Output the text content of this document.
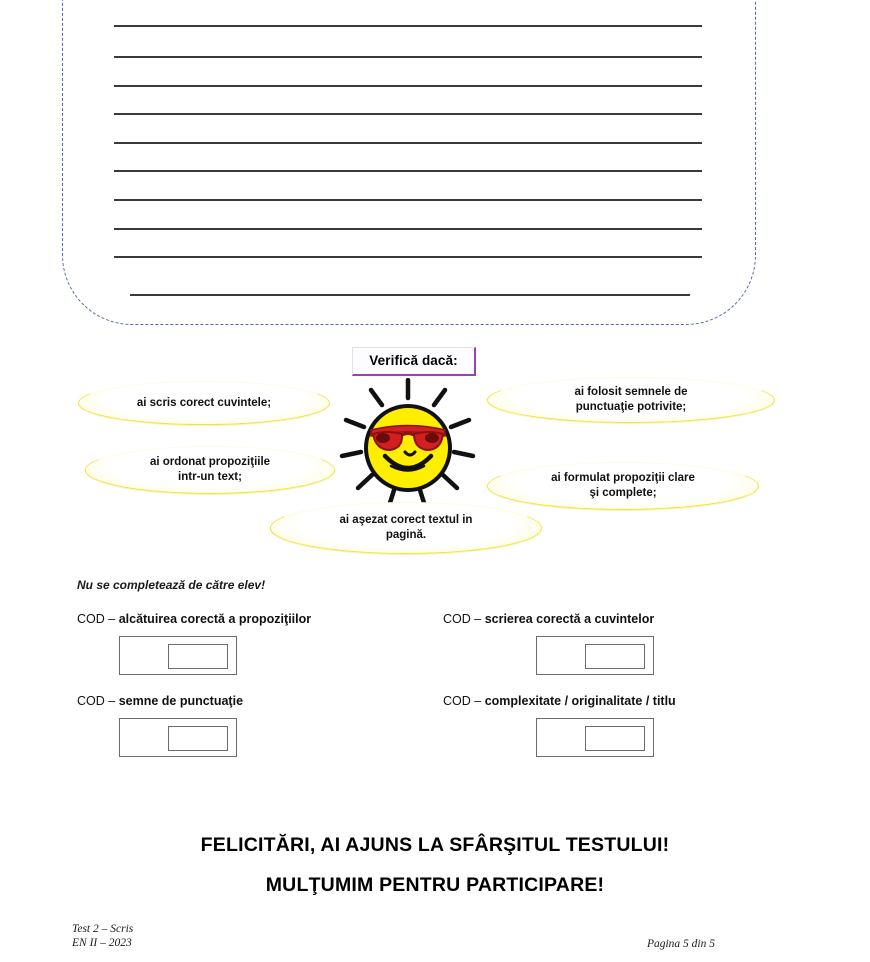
Verifică dacă:
ai scris corect cuvintele;
ai ordonat propoziţiile
intr-un text;
ai aşezat corect textul in
pagină.
ai folosit semnele de
punctuaţie potrivite;
ai formulat propoziţii clare
şi complete;
Nu se completează de către elev!
COD – alcătuirea corectă a propoziţiilor	COD – scrierea corectă a cuvintelor
COD – semne de punctuaţie	COD – complexitate / originalitate / titlu
FELICITĂRI, AI AJUNS LA SFÂRŞITUL TESTULUI!
MULŢUMIM PENTRU PARTICIPARE!
Test 2 – Scris
EN II – 2023	Pagina 5 din 5
